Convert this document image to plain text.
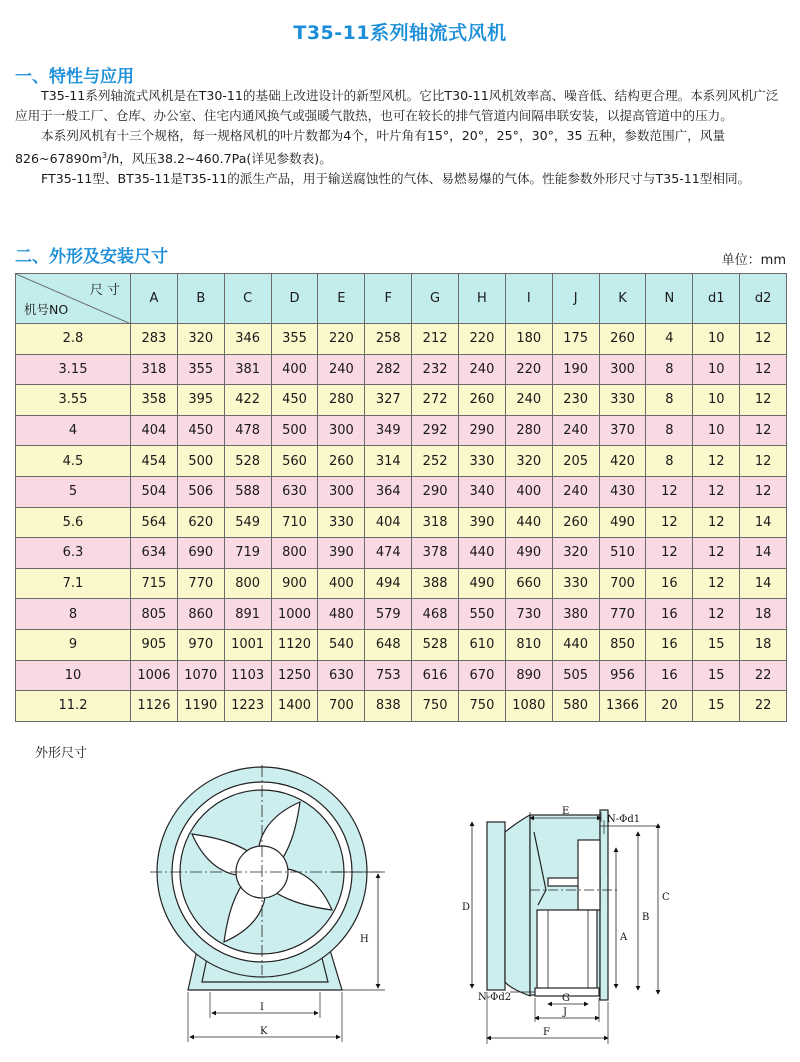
T35-11系列轴流式风机
一、特性与应用

T35-11系列轴流式风机是在T30-11的基础上改进设计的新型风机。它比T30-11风机效率高、噪音低、结构更合理。本系列风机广泛应用于一般工厂、仓库、办公室、住宅内通风换气或强暖气散热，也可在较长的排气管道内间隔串联安装，以提高管道中的压力。

本系列风机有十三个规格，每一规格风机的叶片数都为4个，叶片角有15°，20°，25°，30°，35 五种，参数范围广，风量$826\sim 67890m^3/h$，风压38.2~460.7Pa(详见参数表)。

FT35-11型、BT35-11是T35-11的派生产品，用于输送腐蚀性的气体、易燃易爆的气体。性能参数外形尺寸与T35-11型相同。

二、外形及安装尺寸	单位：mm
尺 寸
机号NO	A	B	C	D	E	F	G	H	I	J	K	N	d1	d2
2.8	283	320	346	355	220	258	212	220	180	175	260	4	10	12
3.15	318	355	381	400	240	282	232	240	220	190	300	8	10	12
3.55	358	395	422	450	280	327	272	260	240	230	330	8	10	12
4	404	450	478	500	300	349	292	290	280	240	370	8	10	12
4.5	454	500	528	560	260	314	252	330	320	205	420	8	12	12
5	504	506	588	630	300	364	290	340	400	240	430	12	12	12
5.6	564	620	549	710	330	404	318	390	440	260	490	12	12	14
6.3	634	690	719	800	390	474	378	440	490	320	510	12	12	14
7.1	715	770	800	900	400	494	388	490	660	330	700	16	12	14
8	805	860	891	1000	480	579	468	550	730	380	770	16	12	18
9	905	970	1001	1120	540	648	528	610	810	440	850	16	15	18
10	1006	1070	1103	1250	630	753	616	670	890	505	956	16	15	22
11.2	1126	1190	1223	1400	700	838	750	750	1080	580	1366	20	15	22
外形尺寸
H
I
K
E
N-Φd1
D
A
B
C
N-Φd2	G
J
F
